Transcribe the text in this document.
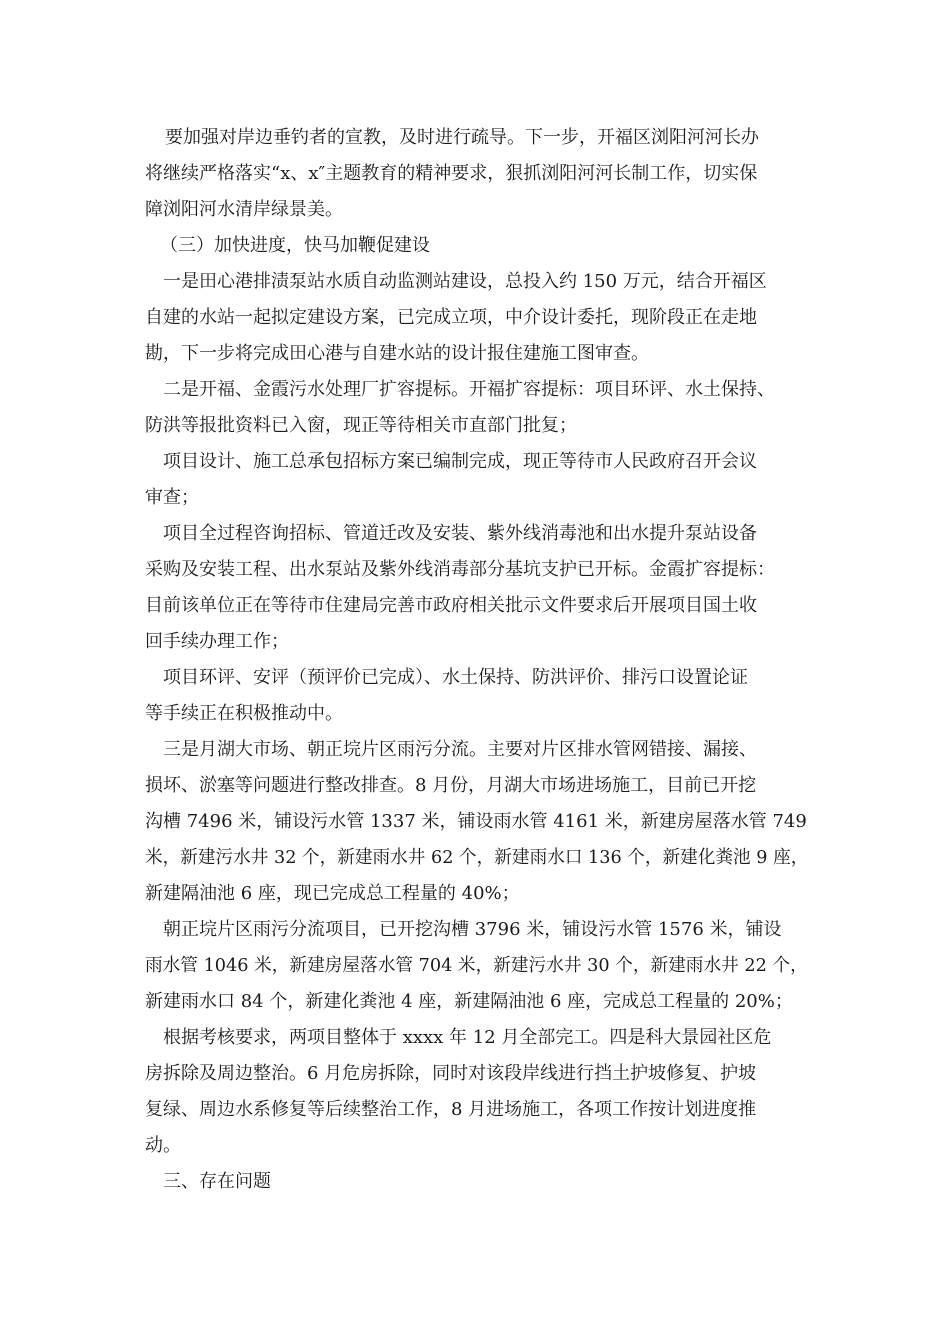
要加强对岸边垂钓者的宣教，及时进行疏导。下一步，开福区浏阳河河长办
将继续严格落实“x、x″主题教育的精神要求，狠抓浏阳河河长制工作，切实保
障浏阳河水清岸绿景美。
（三）加快进度，快马加鞭促建设
一是田心港排渍泵站水质自动监测站建设，总投入约 150 万元，结合开福区
自建的水站一起拟定建设方案，已完成立项，中介设计委托，现阶段正在走地
勘，下一步将完成田心港与自建水站的设计报住建施工图审查。
二是开福、金霞污水处理厂扩容提标。开福扩容提标：项目环评、水土保持、
防洪等报批资料已入窗，现正等待相关市直部门批复；
项目设计、施工总承包招标方案已编制完成，现正等待市人民政府召开会议
审查；
项目全过程咨询招标、管道迁改及安装、紫外线消毒池和出水提升泵站设备
采购及安装工程、出水泵站及紫外线消毒部分基坑支护已开标。金霞扩容提标：
目前该单位正在等待市住建局完善市政府相关批示文件要求后开展项目国土收
回手续办理工作；
项目环评、安评（预评价已完成）、水土保持、防洪评价、排污口设置论证
等手续正在积极推动中。
三是月湖大市场、朝正垸片区雨污分流。主要对片区排水管网错接、漏接、
损坏、淤塞等问题进行整改排查。8 月份，月湖大市场进场施工，目前已开挖
沟槽 7496 米，铺设污水管 1337 米，铺设雨水管 4161 米，新建房屋落水管 749
米，新建污水井 32 个，新建雨水井 62 个，新建雨水口 136 个，新建化粪池 9 座，
新建隔油池 6 座，现已完成总工程量的 40%；
朝正垸片区雨污分流项目，已开挖沟槽 3796 米，铺设污水管 1576 米，铺设
雨水管 1046 米，新建房屋落水管 704 米，新建污水井 30 个，新建雨水井 22 个，
新建雨水口 84 个，新建化粪池 4 座，新建隔油池 6 座，完成总工程量的 20%；
根据考核要求，两项目整体于 xxxx 年 12 月全部完工。四是科大景园社区危
房拆除及周边整治。6 月危房拆除，同时对该段岸线进行挡土护坡修复、护坡
复绿、周边水系修复等后续整治工作，8 月进场施工，各项工作按计划进度推
动。
三、存在问题
